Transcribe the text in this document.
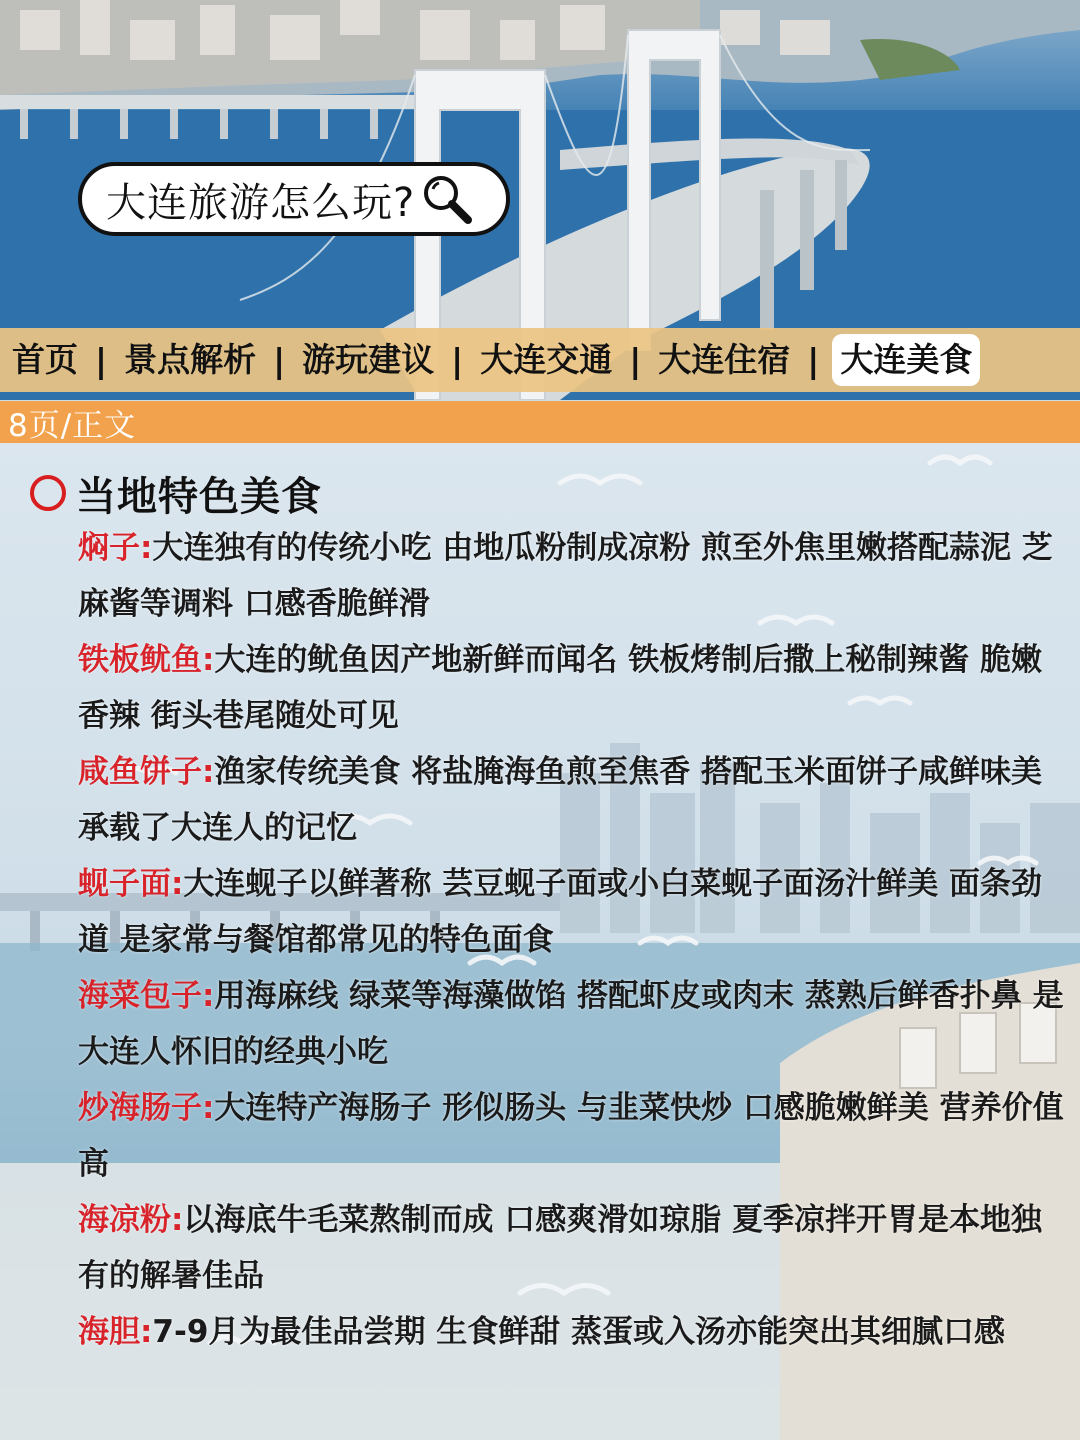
大连旅游怎么玩?
首页 | 景点解析 | 游玩建议 | 大连交通 | 大连住宿 | 大连美食
8页/正文
当地特色美食
焖子:大连独有的传统小吃 由地瓜粉制成凉粉 煎至外焦里嫩搭配蒜泥 芝麻酱等调料 口感香脆鲜滑
铁板鱿鱼:大连的鱿鱼因产地新鲜而闻名 铁板烤制后撒上秘制辣酱 脆嫩香辣 街头巷尾随处可见
咸鱼饼子:渔家传统美食 将盐腌海鱼煎至焦香 搭配玉米面饼子咸鲜味美 承载了大连人的记忆
蚬子面:大连蚬子以鲜著称 芸豆蚬子面或小白菜蚬子面汤汁鲜美 面条劲道 是家常与餐馆都常见的特色面食
海菜包子:用海麻线 绿菜等海藻做馅 搭配虾皮或肉末 蒸熟后鲜香扑鼻 是大连人怀旧的经典小吃
炒海肠子:大连特产海肠子 形似肠头 与韭菜快炒 口感脆嫩鲜美 营养价值高
海凉粉:以海底牛毛菜熬制而成 口感爽滑如琼脂 夏季凉拌开胃是本地独有的解暑佳品
海胆:7-9月为最佳品尝期 生食鲜甜 蒸蛋或入汤亦能突出其细腻口感
